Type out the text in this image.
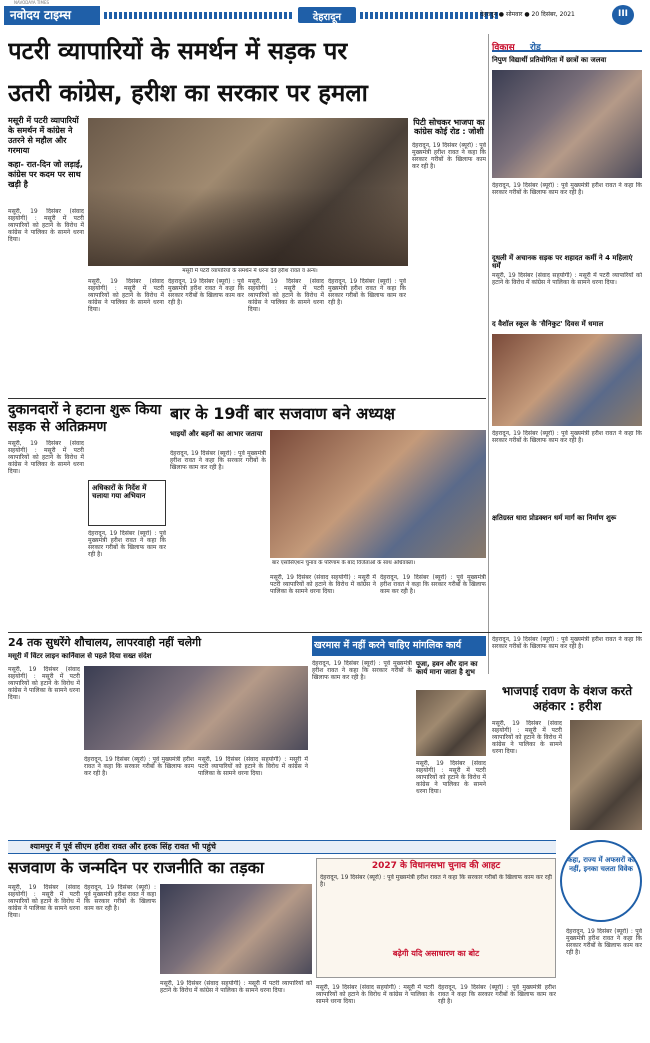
नवोदय टाइम्स
NAVODAYA TIMES
देहरादून	देहरादून ● सोमवार ● 20 दिसंबर, 2021	III
पटरी व्यापारियों के समर्थन में सड़क पर
उतरी कांग्रेस, हरीश का सरकार पर हमला
मसूरी में पटरी व्यापारियों के समर्थन में कांग्रेस ने उतरने से महौल और गरमाया
कहा- रात-दिन जो लड़ाई, कांग्रेस पर कदम पर साथ खड़ी है
मसूरी में पटरी व्यापारियों के समर्थन में धरना देते हरीश रावत व अन्य।
पिटी सोचकर भाजपा का कांग्रेस कोई रोड : जोशी
देहरादून, 19 दिसंबर (ब्यूरो) : पूर्व मुख्यमंत्री हरीश रावत ने कहा कि सरकार गरीबों के खिलाफ काम कर रही है।
मसूरी, 19 दिसंबर (संवाद सहयोगी) : मसूरी में पटरी व्यापारियों को हटाने के विरोध में कांग्रेस ने पालिका के सामने धरना दिया।
मसूरी, 19 दिसंबर (संवाद सहयोगी) : मसूरी में पटरी व्यापारियों को हटाने के विरोध में कांग्रेस ने पालिका के सामने धरना दिया।
देहरादून, 19 दिसंबर (ब्यूरो) : पूर्व मुख्यमंत्री हरीश रावत ने कहा कि सरकार गरीबों के खिलाफ काम कर रही है।
मसूरी, 19 दिसंबर (संवाद सहयोगी) : मसूरी में पटरी व्यापारियों को हटाने के विरोध में कांग्रेस ने पालिका के सामने धरना दिया।
देहरादून, 19 दिसंबर (ब्यूरो) : पूर्व मुख्यमंत्री हरीश रावत ने कहा कि सरकार गरीबों के खिलाफ काम कर रही है।
विकास रोड
निपुण विद्यार्थी प्रतियोगिता में छात्रों का जलवा
देहरादून, 19 दिसंबर (ब्यूरो) : पूर्व मुख्यमंत्री हरीश रावत ने कहा कि सरकार गरीबों के खिलाफ काम कर रही है।
दूधली में अचानक सड़क पर शहादत कर्मी ने 4 महिलाएं धर्में
मसूरी, 19 दिसंबर (संवाद सहयोगी) : मसूरी में पटरी व्यापारियों को हटाने के विरोध में कांग्रेस ने पालिका के सामने धरना दिया।
द वैशॉल स्कूल के 'सैनिकुट' दिवस में धमाल
देहरादून, 19 दिसंबर (ब्यूरो) : पूर्व मुख्यमंत्री हरीश रावत ने कहा कि सरकार गरीबों के खिलाफ काम कर रही है।
क्षतिग्रस्त धारा प्रोडक्शन धर्म मार्ग का निर्माण शुरू
दुकानदारों ने हटाना शुरू किया सड़क से अतिक्रमण
मसूरी, 19 दिसंबर (संवाद सहयोगी) : मसूरी में पटरी व्यापारियों को हटाने के विरोध में कांग्रेस ने पालिका के सामने धरना दिया।
अधिकारों के निर्देश में चलाया गया अभियान
देहरादून, 19 दिसंबर (ब्यूरो) : पूर्व मुख्यमंत्री हरीश रावत ने कहा कि सरकार गरीबों के खिलाफ काम कर रही है।
बार के 19वीं बार सजवाण बने अध्यक्ष
भाइयों और बहनों का आभार जताया
देहरादून, 19 दिसंबर (ब्यूरो) : पूर्व मुख्यमंत्री हरीश रावत ने कहा कि सरकार गरीबों के खिलाफ काम कर रही है।
बार एसोसिएशन चुनाव के परिणाम के बाद विजेताओं के साथ अधिवक्ता।
मसूरी, 19 दिसंबर (संवाद सहयोगी) : मसूरी में पटरी व्यापारियों को हटाने के विरोध में कांग्रेस ने पालिका के सामने धरना दिया।
देहरादून, 19 दिसंबर (ब्यूरो) : पूर्व मुख्यमंत्री हरीश रावत ने कहा कि सरकार गरीबों के खिलाफ काम कर रही है।
24 तक सुधरेंगे शौचालय, लापरवाही नहीं चलेगी
मसूरी में विंटर लाइन कार्निवाल से पहले दिया सख्त संदेश
मसूरी, 19 दिसंबर (संवाद सहयोगी) : मसूरी में पटरी व्यापारियों को हटाने के विरोध में कांग्रेस ने पालिका के सामने धरना दिया।
देहरादून, 19 दिसंबर (ब्यूरो) : पूर्व मुख्यमंत्री हरीश रावत ने कहा कि सरकार गरीबों के खिलाफ काम कर रही है।
मसूरी, 19 दिसंबर (संवाद सहयोगी) : मसूरी में पटरी व्यापारियों को हटाने के विरोध में कांग्रेस ने पालिका के सामने धरना दिया।
खरमास में नहीं करने चाहिए मांगलिक कार्य
पूजा, हवन और दान का कार्य माना जाता है शुभ
देहरादून, 19 दिसंबर (ब्यूरो) : पूर्व मुख्यमंत्री हरीश रावत ने कहा कि सरकार गरीबों के खिलाफ काम कर रही है।
मसूरी, 19 दिसंबर (संवाद सहयोगी) : मसूरी में पटरी व्यापारियों को हटाने के विरोध में कांग्रेस ने पालिका के सामने धरना दिया।
देहरादून, 19 दिसंबर (ब्यूरो) : पूर्व मुख्यमंत्री हरीश रावत ने कहा कि सरकार गरीबों के खिलाफ काम कर रही है।
भाजपाई रावण के वंशज करते अहंकार : हरीश
मसूरी, 19 दिसंबर (संवाद सहयोगी) : मसूरी में पटरी व्यापारियों को हटाने के विरोध में कांग्रेस ने पालिका के सामने धरना दिया।
कहा, राज्य में अफसरों का नहीं, इनका चलता विवेक
देहरादून, 19 दिसंबर (ब्यूरो) : पूर्व मुख्यमंत्री हरीश रावत ने कहा कि सरकार गरीबों के खिलाफ काम कर रही है।
श्यामपुर में पूर्व सीएम हरीश रावत और हरक सिंह रावत भी पहुंचे
सजवाण के जन्मदिन पर राजनीति का तड़का
मसूरी, 19 दिसंबर (संवाद सहयोगी) : मसूरी में पटरी व्यापारियों को हटाने के विरोध में कांग्रेस ने पालिका के सामने धरना दिया।
देहरादून, 19 दिसंबर (ब्यूरो) : पूर्व मुख्यमंत्री हरीश रावत ने कहा कि सरकार गरीबों के खिलाफ काम कर रही है।
मसूरी, 19 दिसंबर (संवाद सहयोगी) : मसूरी में पटरी व्यापारियों को हटाने के विरोध में कांग्रेस ने पालिका के सामने धरना दिया।
2027 के विधानसभा चुनाव की आहट
देहरादून, 19 दिसंबर (ब्यूरो) : पूर्व मुख्यमंत्री हरीश रावत ने कहा कि सरकार गरीबों के खिलाफ काम कर रही है।
बढ़ेगी यदि असाधारण का बोट
मसूरी, 19 दिसंबर (संवाद सहयोगी) : मसूरी में पटरी व्यापारियों को हटाने के विरोध में कांग्रेस ने पालिका के सामने धरना दिया।
देहरादून, 19 दिसंबर (ब्यूरो) : पूर्व मुख्यमंत्री हरीश रावत ने कहा कि सरकार गरीबों के खिलाफ काम कर रही है।
